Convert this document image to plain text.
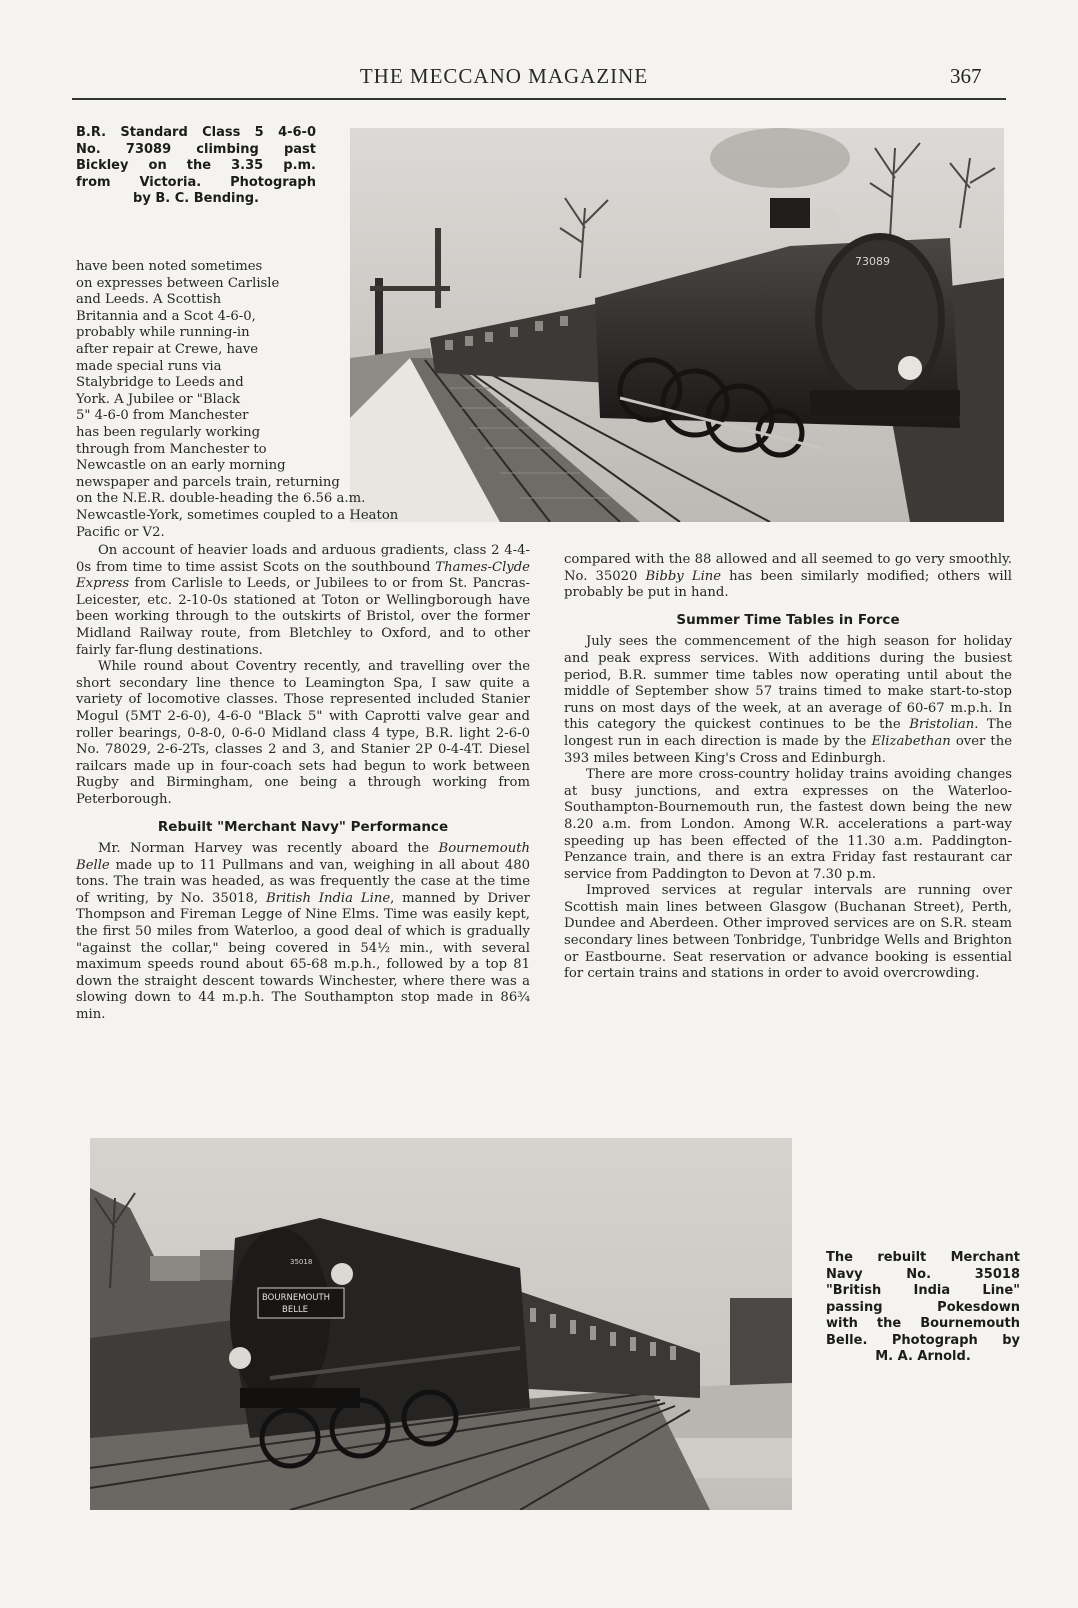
THE MECCANO MAGAZINE	367
B.R. Standard Class 5 4-6-0
No. 73089 climbing past
Bickley on the 3.35 p.m.
from Victoria. Photograph
by B. C. Bending.
73089
have been noted sometimes
on expresses between Carlisle
and Leeds. A Scottish
Britannia and a Scot 4-6-0,
probably while running-in
after repair at Crewe, have
made special runs via
Stalybridge to Leeds and
York. A Jubilee or "Black
5" 4-6-0 from Manchester
has been regularly working
through from Manchester to
Newcastle on an early morning
newspaper and parcels train, returning
on the N.E.R. double-heading the 6.56 a.m.
Newcastle-York, sometimes coupled to a Heaton
Pacific or V2.

On account of heavier loads and arduous gradients, class 2 4-4-0s from time to time assist Scots on the southbound Thames-Clyde Express from Carlisle to Leeds, or Jubilees to or from St. Pancras-Leicester, etc. 2-10-0s stationed at Toton or Wellingborough have been working through to the outskirts of Bristol, over the former Midland Railway route, from Bletchley to Oxford, and to other fairly far-flung destinations.

While round about Coventry recently, and travelling over the short secondary line thence to Leamington Spa, I saw quite a variety of locomotive classes. Those represented included Stanier Mogul (5MT 2-6-0), 4-6-0 "Black 5" with Caprotti valve gear and roller bearings, 0-8-0, 0-6-0 Midland class 4 type, B.R. light 2-6-0 No. 78029, 2-6-2Ts, classes 2 and 3, and Stanier 2P 0-4-4T. Diesel railcars made up in four-coach sets had begun to work between Rugby and Birmingham, one being a through working from Peterborough.

Rebuilt "Merchant Navy" Performance

Mr. Norman Harvey was recently aboard the Bournemouth Belle made up to 11 Pullmans and van, weighing in all about 480 tons. The train was headed, as was frequently the case at the time of writing, by No. 35018, British India Line, manned by Driver Thompson and Fireman Legge of Nine Elms. Time was easily kept, the first 50 miles from Waterloo, a good deal of which is gradually "against the collar," being covered in 54½ min., with several maximum speeds round about 65-68 m.p.h., followed by a top 81 down the straight descent towards Winchester, where there was a slowing down to 44 m.p.h. The Southampton stop made in 86¾ min.

compared with the 88 allowed and all seemed to go very smoothly. No. 35020 Bibby Line has been similarly modified; others will probably be put in hand.

Summer Time Tables in Force

July sees the commencement of the high season for holiday and peak express services. With additions during the busiest period, B.R. summer time tables now operating until about the middle of September show 57 trains timed to make start-to-stop runs on most days of the week, at an average of 60-67 m.p.h. In this category the quickest continues to be the Bristolian. The longest run in each direction is made by the Elizabethan over the 393 miles between King's Cross and Edinburgh.

There are more cross-country holiday trains avoiding changes at busy junctions, and extra expresses on the Waterloo-Southampton-Bournemouth run, the fastest down being the new 8.20 a.m. from London. Among W.R. accelerations a part-way speeding up has been effected of the 11.30 a.m. Paddington-Penzance train, and there is an extra Friday fast restaurant car service from Paddington to Devon at 7.30 p.m.

Improved services at regular intervals are running over Scottish main lines between Glasgow (Buchanan Street), Perth, Dundee and Aberdeen. Other improved services are on S.R. steam secondary lines between Tonbridge, Tunbridge Wells and Brighton or Eastbourne. Seat reservation or advance booking is essential for certain trains and stations in order to avoid overcrowding.

BOURNEMOUTH
BELLE
35018	The rebuilt Merchant
Navy No. 35018
"British India Line"
passing Pokesdown
with the Bournemouth
Belle. Photograph by
M. A. Arnold.
